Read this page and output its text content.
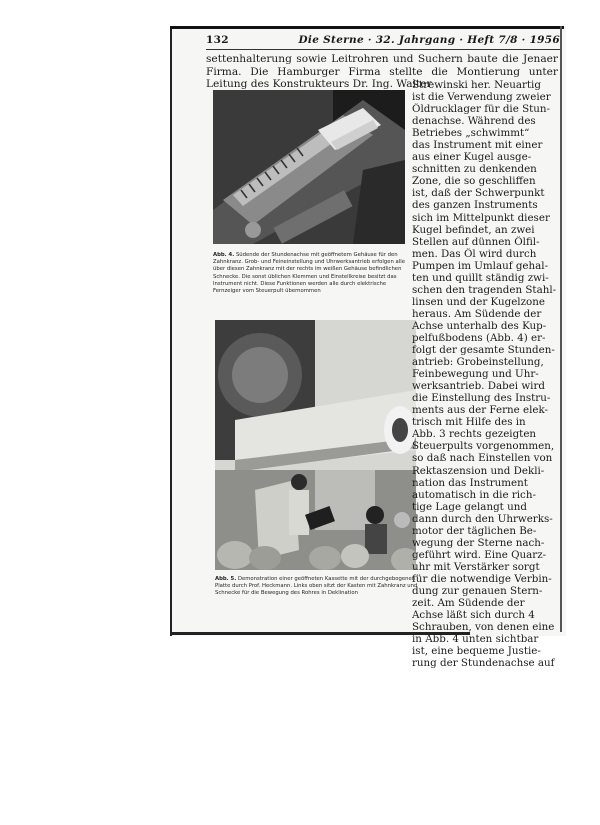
132	Die Sterne · 32. Jahrgang · Heft 7/8 · 1956

settenhalterung sowie Leitrohren und Suchern baute die Jenaer Firma. Die Hamburger Firma stellte die Montierung unter Leitung des Konstrukteurs Dr. Ing. Walter

Abb. 4. Südende der Stundenachse mit geöffnetem Gehäuse für den Zahnkranz. Grob- und Feineinstellung und Uhrwerksantrieb erfolgen alle über diesen Zahnkranz mit der rechts im weißen Gehäuse befindlichen Schnecke. Die sonst üblichen Klemmen und Einstellkreise besitzt das Instrument nicht. Diese Funktionen werden alle durch elektrische Fernzeiger vom Steuerpult übernommen
Abb. 5. Demonstration einer geöffneten Kassette mit der durchgebogenen Platte durch Prof. Heckmann. Links oben sitzt der Kasten mit Zahnkranz und Schnecke für die Bewegung des Rohres in Deklination
Strewinski her. Neuartig
ist die Verwendung zweier
Öldrucklager für die Stun-
denachse. Während des
Betriebes „schwimmt“
das Instrument mit einer
aus einer Kugel ausge-
schnitten zu denkenden
Zone, die so geschliffen
ist, daß der Schwerpunkt
des ganzen Instruments
sich im Mittelpunkt dieser
Kugel befindet, an zwei
Stellen auf dünnen Ölfil-
men. Das Öl wird durch
Pumpen im Umlauf gehal-
ten und quillt ständig zwi-
schen den tragenden Stahl-
linsen und der Kugelzone
heraus. Am Südende der
Achse unterhalb des Kup-
pelfußbodens (Abb. 4) er-
folgt der gesamte Stunden-
antrieb: Grobeinstellung,
Feinbewegung und Uhr-
werksantrieb. Dabei wird
die Einstellung des Instru-
ments aus der Ferne elek-
trisch mit Hilfe des in
Abb. 3 rechts gezeigten
Steuerpults vorgenommen,
so daß nach Einstellen von
Rektaszension und Dekli-
nation das Instrument
automatisch in die rich-
tige Lage gelangt und
dann durch den Uhrwerks-
motor der täglichen Be-
wegung der Sterne nach-
geführt wird. Eine Quarz-
uhr mit Verstärker sorgt
für die notwendige Verbin-
dung zur genauen Stern-
zeit. Am Südende der
Achse läßt sich durch 4
Schrauben, von denen eine
in Abb. 4 unten sichtbar
ist, eine bequeme Justie-
rung der Stundenachse auf
